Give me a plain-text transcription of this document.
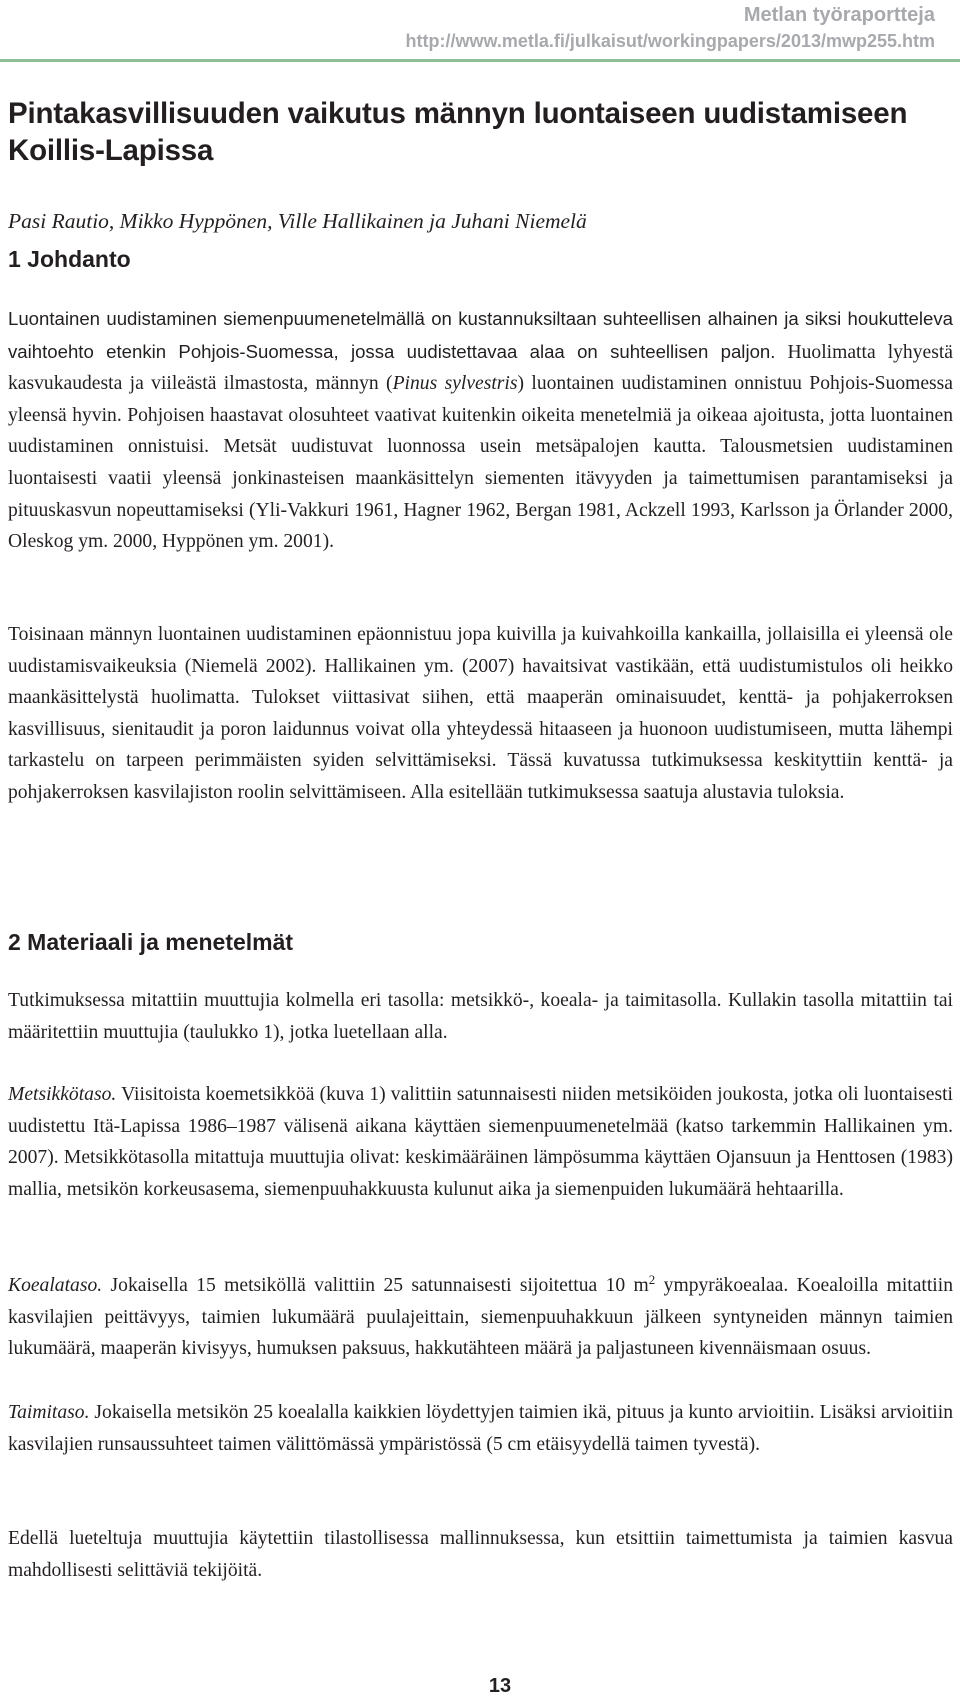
Metlan työraportteja
http://www.metla.fi/julkaisut/workingpapers/2013/mwp255.htm
Pintakasvillisuuden vaikutus männyn luontaiseen uudistamiseen
Koillis-Lapissa

Pasi Rautio, Mikko Hyppönen, Ville Hallikainen ja Juhani Niemelä

1 Johdanto

Luontainen uudistaminen siemenpuumenetelmällä on kustannuksiltaan suhteellisen alhainen ja siksi houkutteleva vaihtoehto etenkin Pohjois-Suomessa, jossa uudistettavaa alaa on suhteellisen paljon. Huolimatta lyhyestä kasvukaudesta ja viileästä ilmastosta, männyn (Pinus sylvestris) luontainen uudistaminen onnistuu Pohjois-Suomessa yleensä hyvin. Pohjoisen haastavat olosuhteet vaativat kuitenkin oikeita menetelmiä ja oikeaa ajoitusta, jotta luontainen uudistaminen onnistuisi. Metsät uudistuvat luonnossa usein metsäpalojen kautta. Talousmetsien uudistaminen luontaisesti vaatii yleensä jonkinasteisen maankäsittelyn siementen itävyyden ja taimettumisen parantamiseksi ja pituuskasvun nopeuttamiseksi (Yli-Vakkuri 1961, Hagner 1962, Bergan 1981, Ackzell 1993, Karlsson ja Örlander 2000, Oleskog ym. 2000, Hyppönen ym. 2001).

Toisinaan männyn luontainen uudistaminen epäonnistuu jopa kuivilla ja kuivahkoilla kankailla, jollaisilla ei yleensä ole uudistamisvaikeuksia (Niemelä 2002). Hallikainen ym. (2007) havaitsivat vastikään, että uudistumistulos oli heikko maankäsittelystä huolimatta. Tulokset viittasivat siihen, että maaperän ominaisuudet, kenttä- ja pohjakerroksen kasvillisuus, sienitaudit ja poron laidunnus voivat olla yhteydessä hitaaseen ja huonoon uudistumiseen, mutta lähempi tarkastelu on tarpeen perimmäisten syiden selvittämiseksi. Tässä kuvatussa tutkimuksessa keskityttiin kenttä- ja pohjakerroksen kasvilajiston roolin selvittämiseen. Alla esitellään tutkimuksessa saatuja alustavia tuloksia.

2 Materiaali ja menetelmät

Tutkimuksessa mitattiin muuttujia kolmella eri tasolla: metsikkö-, koeala- ja taimitasolla. Kullakin tasolla mitattiin tai määritettiin muuttujia (taulukko 1), jotka luetellaan alla.

Metsikkötaso. Viisitoista koemetsikköä (kuva 1) valittiin satunnaisesti niiden metsiköiden joukosta, jotka oli luontaisesti uudistettu Itä-Lapissa 1986–1987 välisenä aikana käyttäen siemenpuumenetelmää (katso tarkemmin Hallikainen ym. 2007). Metsikkötasolla mitattuja muuttujia olivat: keskimääräinen lämpösumma käyttäen Ojansuun ja Henttosen (1983) mallia, metsikön korkeusasema, siemenpuuhakkuusta kulunut aika ja siemenpuiden lukumäärä hehtaarilla.

Koealataso. Jokaisella 15 metsiköllä valittiin 25 satunnaisesti sijoitettua 10 $m^2$ ympyräkoealaa. Koealoilla mitattiin kasvilajien peittävyys, taimien lukumäärä puulajeittain, siemenpuuhakkuun jälkeen syntyneiden männyn taimien lukumäärä, maaperän kivisyys, humuksen paksuus, hakkutähteen määrä ja paljastuneen kivennäismaan osuus.

Taimitaso. Jokaisella metsikön 25 koealalla kaikkien löydettyjen taimien ikä, pituus ja kunto arvioitiin. Lisäksi arvioitiin kasvilajien runsaussuhteet taimen välittömässä ympäristössä (5 cm etäisyydellä taimen tyvestä).

Edellä lueteltuja muuttujia käytettiin tilastollisessa mallinnuksessa, kun etsittiin taimettumista ja taimien kasvua mahdollisesti selittäviä tekijöitä.

13
